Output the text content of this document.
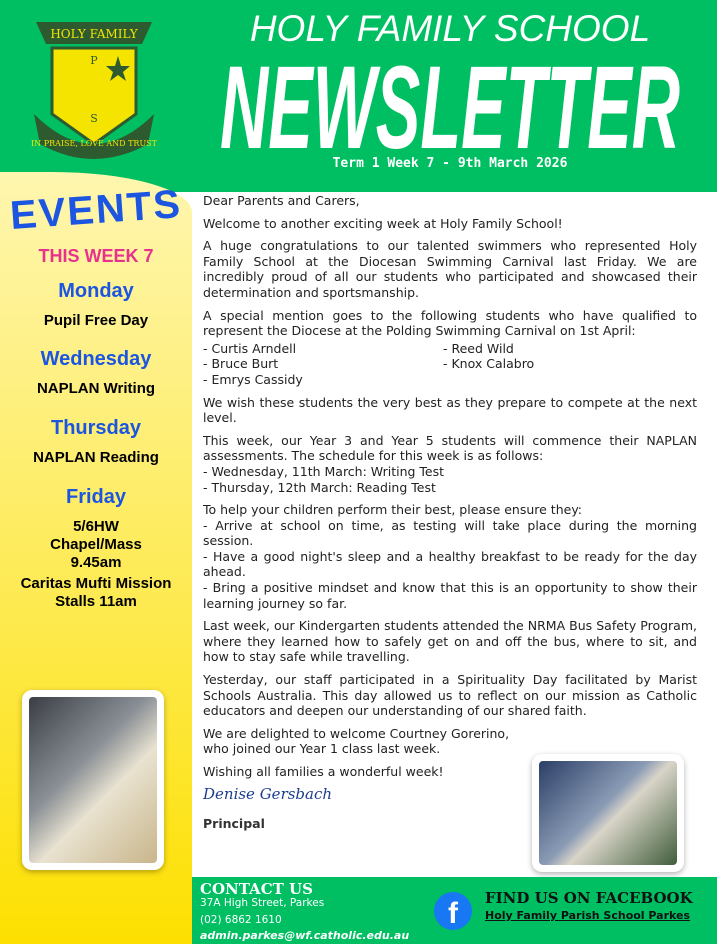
HOLY FAMILY
P
S
IN PRAISE, LOVE AND TRUST
HOLY FAMILY SCHOOL
NEWSLETTER
Term 1 Week 7 - 9th March 2026
EVENTS
THIS WEEK 7
Monday
Pupil Free Day
Wednesday
NAPLAN Writing
Thursday
NAPLAN Reading
Friday
5/6HW Chapel/Mass 9.45am
Caritas Mufti Mission Stalls 11am

Dear Parents and Carers,

Welcome to another exciting week at Holy Family School!

A huge congratulations to our talented swimmers who represented Holy Family School at the Diocesan Swimming Carnival last Friday. We are incredibly proud of all our students who participated and showcased their determination and sportsmanship.

A special mention goes to the following students who have qualified to represent the Diocese at the Polding Swimming Carnival on 1st April:

- Curtis Arndell
- Bruce Burt
- Emrys Cassidy
- Reed Wild
- Knox Calabro

We wish these students the very best as they prepare to compete at the next level.

This week, our Year 3 and Year 5 students will commence their NAPLAN assessments. The schedule for this week is as follows:

- Wednesday, 11th March: Writing Test
- Thursday, 12th March: Reading Test

To help your children perform their best, please ensure they:

- Arrive at school on time, as testing will take place during the morning session.
- Have a good night's sleep and a healthy breakfast to be ready for the day ahead.
- Bring a positive mindset and know that this is an opportunity to show their learning journey so far.

Last week, our Kindergarten students attended the NRMA Bus Safety Program, where they learned how to safely get on and off the bus, where to sit, and how to stay safe while travelling.

Yesterday, our staff participated in a Spirituality Day facilitated by Marist Schools Australia. This day allowed us to reflect on our mission as Catholic educators and deepen our understanding of our shared faith.

We are delighted to welcome Courtney Gorerino, who joined our Year 1 class last week.

Wishing all families a wonderful week!

Denise Gersbach
Principal
CONTACT US
37A High Street, Parkes
(02) 6862 1610
admin.parkes@wf.catholic.edu.au
f	FIND US ON FACEBOOK
Holy Family Parish School Parkes
